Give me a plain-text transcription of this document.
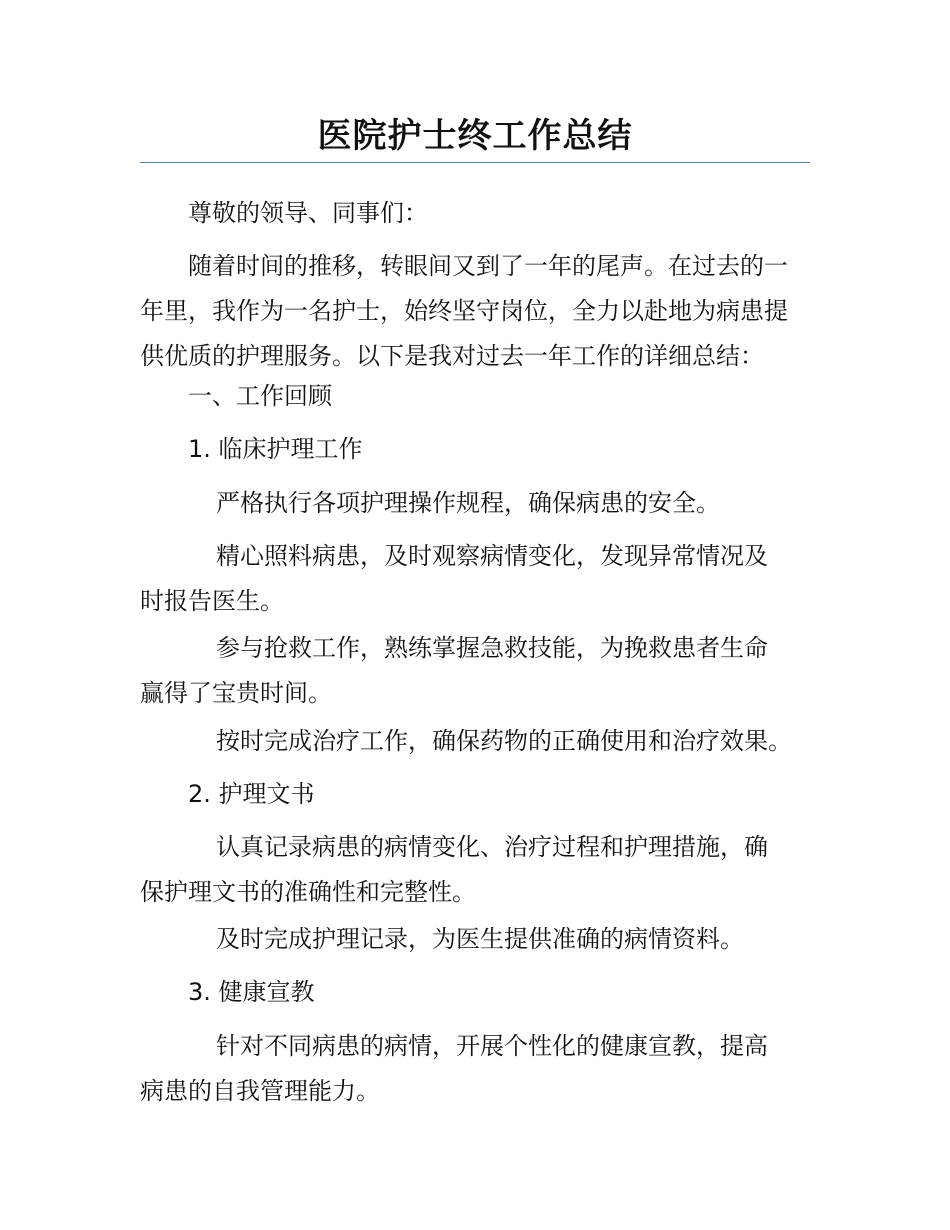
医院护士终工作总结

尊敬的领导、同事们：

随着时间的推移，转眼间又到了一年的尾声。在过去的一
年里，我作为一名护士，始终坚守岗位，全力以赴地为病患提
供优质的护理服务。以下是我对过去一年工作的详细总结：

一、工作回顾

1. 临床护理工作

严格执行各项护理操作规程，确保病患的安全。

精心照料病患，及时观察病情变化，发现异常情况及
时报告医生。

参与抢救工作，熟练掌握急救技能，为挽救患者生命
赢得了宝贵时间。

按时完成治疗工作，确保药物的正确使用和治疗效果。

2. 护理文书

认真记录病患的病情变化、治疗过程和护理措施，确
保护理文书的准确性和完整性。

及时完成护理记录，为医生提供准确的病情资料。

3. 健康宣教

针对不同病患的病情，开展个性化的健康宣教，提高
病患的自我管理能力。
